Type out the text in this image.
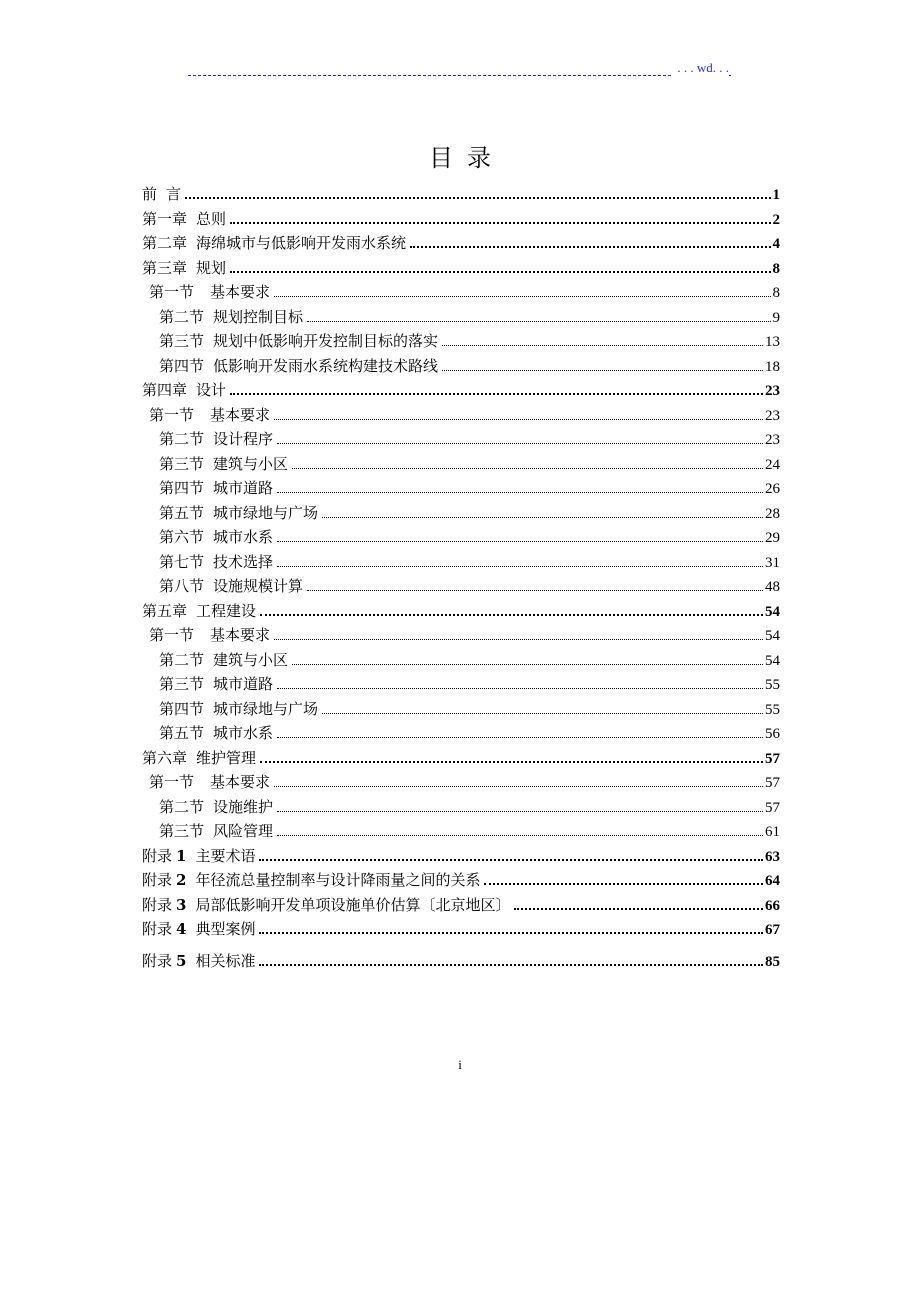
. . . wd. . .
目录
前 言	1
第一章 总则	2
第二章 海绵城市与低影响开发雨水系统	4
第三章 规划	8
第一节 基本要求	8
第二节 规划控制目标	9
第三节 规划中低影响开发控制目标的落实	13
第四节 低影响开发雨水系统构建技术路线	18
第四章 设计	23
第一节 基本要求	23
第二节 设计程序	23
第三节 建筑与小区	24
第四节 城市道路	26
第五节 城市绿地与广场	28
第六节 城市水系	29
第七节 技术选择	31
第八节 设施规模计算	48
第五章 工程建设	54
第一节 基本要求	54
第二节 建筑与小区	54
第三节 城市道路	55
第四节 城市绿地与广场	55
第五节 城市水系	56
第六章 维护管理	57
第一节 基本要求	57
第二节 设施维护	57
第三节 风险管理	61
附录 1 主要术语	63
附录 2 年径流总量控制率与设计降雨量之间的关系	64
附录 3 局部低影响开发单项设施单价估算〔北京地区〕	66
附录 4 典型案例	67
附录 5 相关标准	85
i
